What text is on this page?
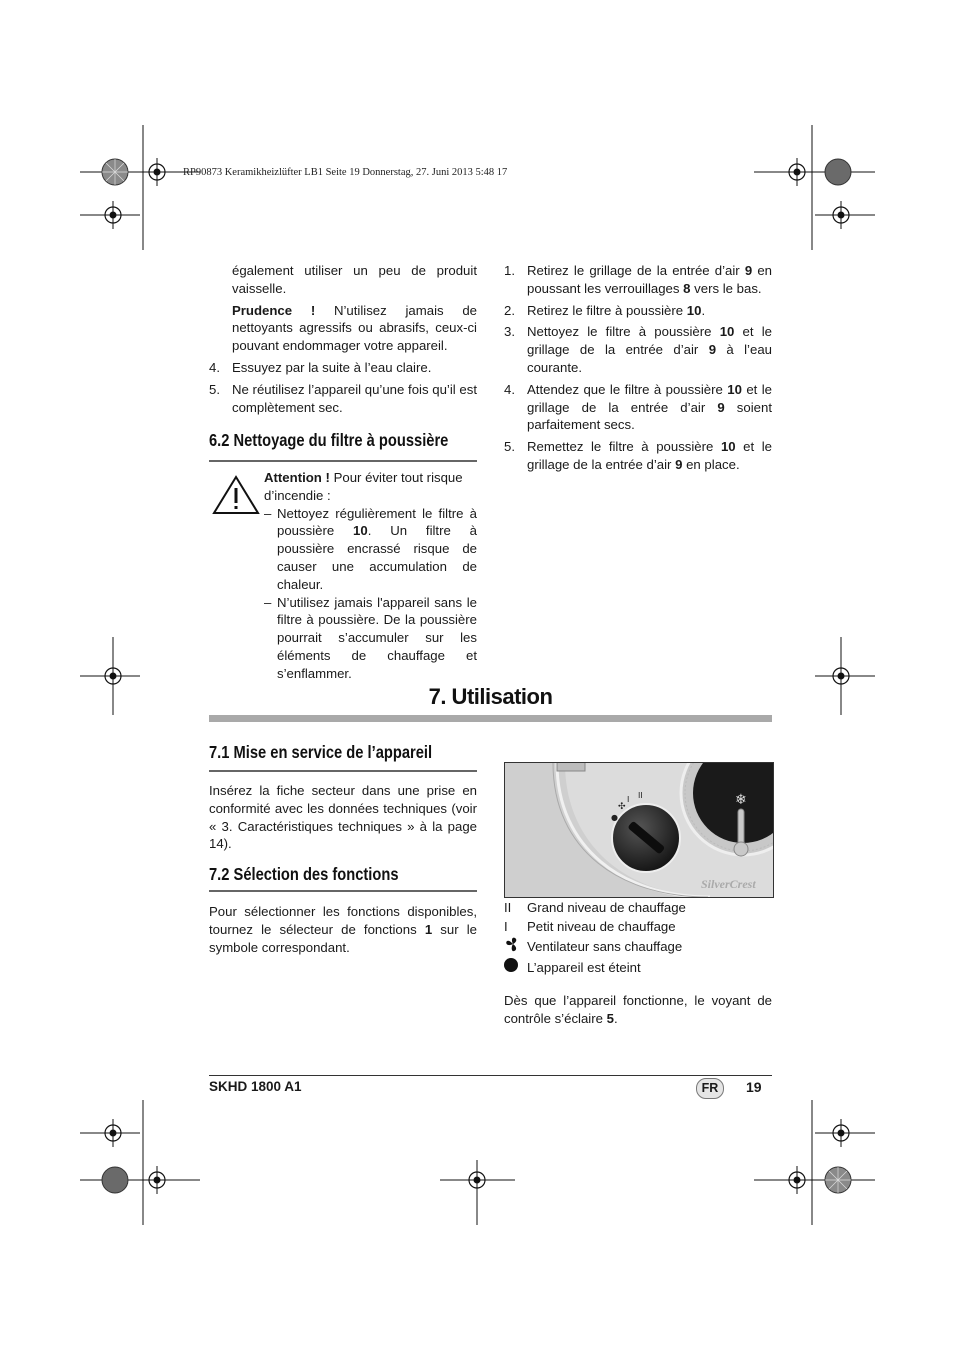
RP90873 Keramikheizlüfter LB1 Seite 19 Donnerstag, 27. Juni 2013 5:48 17

également utiliser un peu de produit vaisselle.

Prudence ! N’utilisez jamais de nettoyants agressifs ou abrasifs, ceux-ci pouvant endommager votre appareil.

4. Essuyez par la suite à l’eau claire.
5. Ne réutilisez l’appareil qu’une fois qu’il est complètement sec.
6.2 Nettoyage du filtre à poussière

Attention ! Pour éviter tout risque d’incendie :

– Nettoyez régulièrement le filtre à poussière 10. Un filtre à poussière encrassé risque de causer une accumulation de chaleur.
– N’utilisez jamais l'appareil sans le filtre à poussière. De la poussière pourrait s’accumuler sur les éléments de chauffage et s’enflammer.
1. Retirez le grillage de la entrée d’air 9 en poussant les verrouillages 8 vers le bas.
2. Retirez le filtre à poussière 10.
3. Nettoyez le filtre à poussière 10 et le grillage de la entrée d’air 9 à l’eau courante.
4. Attendez que le filtre à poussière 10 et le grillage de la entrée d’air 9 soient parfaitement secs.
5. Remettez le filtre à poussière 10 et le grillage de la entrée d’air 9 en place.
7. Utilisation
7.1 Mise en service de l’appareil

Insérez la fiche secteur dans une prise en conformité avec les données techniques (voir « 3. Caractéristiques techniques » à la page 14).

7.2 Sélection des fonctions

Pour sélectionner les fonctions disponibles, tournez le sélecteur de fonctions 1 sur le symbole correspondant.

❄
●
✣
I II
SilverCrest
II	Grand niveau de chauffage
I	Petit niveau de chauffage
Ventilateur sans chauffage
L’appareil est éteint

Dès que l’appareil fonctionne, le voyant de contrôle s’éclaire 5.

SKHD 1800 A1	FR	19
